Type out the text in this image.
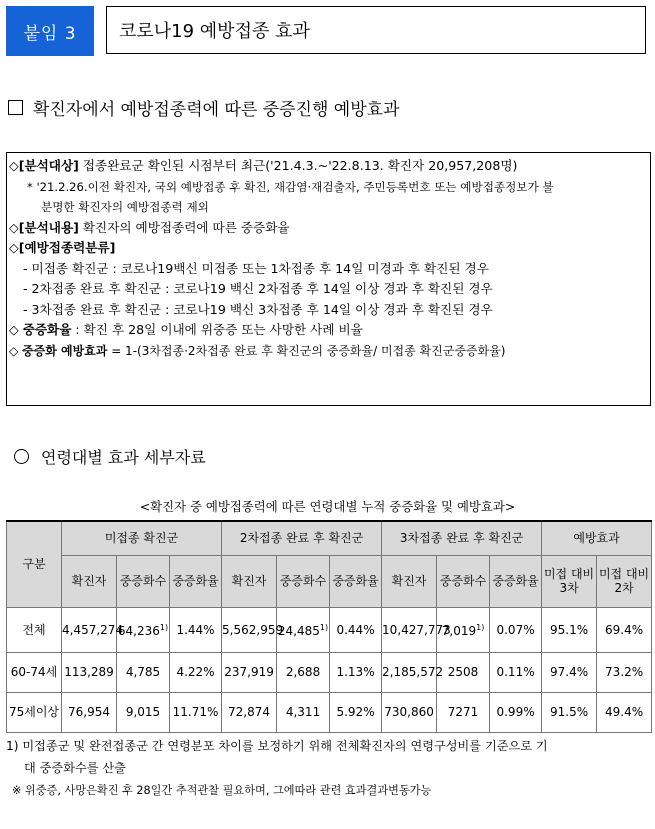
붙임 3	코로나19 예방접종 효과
확진자에서 예방접종력에 따른 중증진행 예방효과
◇[분석대상] 접종완료군 확인된 시점부터 최근('21.4.3.~'22.8.13. 확진자 20,957,208명)
* '21.2.26.이전 확진자, 국외 예방접종 후 확진, 재감염·재검출자, 주민등록번호 또는 예방접종정보가 불
분명한 확진자의 예방접종력 제외
◇[분석내용] 확진자의 예방접종력에 따른 중증화율
◇[예방접종력분류]
- 미접종 확진군 : 코로나19백신 미접종 또는 1차접종 후 14일 미경과 후 확진된 경우
- 2차접종 완료 후 확진군 : 코로나19 백신 2차접종 후 14일 이상 경과 후 확진된 경우
- 3차접종 완료 후 확진군 : 코로나19 백신 3차접종 후 14일 이상 경과 후 확진된 경우
◇ 중증화율 : 확진 후 28일 이내에 위중증 또는 사망한 사례 비율
◇ 중증화 예방효과 = 1-(3차접종·2차접종 완료 후 확진군의 중증화율/ 미접종 확진군중증화율)
연령대별 효과 세부자료
<확진자 중 예방접종력에 따른 연령대별 누적 중증화율 및 예방효과>
구분	미접종 확진군			2차접종 완료 후 확진군			3차접종 완료 후 확진군			예방효과	
	확진자	중증화수	중증화율	확진자	중증화수	중증화율	확진자	중증화수	중증화율	미접 대비 3차	미접 대비 2차
전체	4,457,274	64,236$^{1)}$	1.44%	5,562,959	24,485$^{1)}$	0.44%	10,427,773	7,019$^{1)}$	0.07%	95.1%	69.4%
60-74세	113,289	4,785	4.22%	237,919	2,688	1.13%	2,185,572	2508	0.11%	97.4%	73.2%
75세이상	76,954	9,015	11.71%	72,874	4,311	5.92%	730,860	7271	0.99%	91.5%	49.4%
1) 미접종군 및 완전접종군 간 연령분포 차이를 보정하기 위해 전체확진자의 연령구성비를 기준으로 기
대 중증화수를 산출
※ 위중증, 사망은확진 후 28일간 추적관찰 필요하며, 그에따라 관련 효과결과변동가능
